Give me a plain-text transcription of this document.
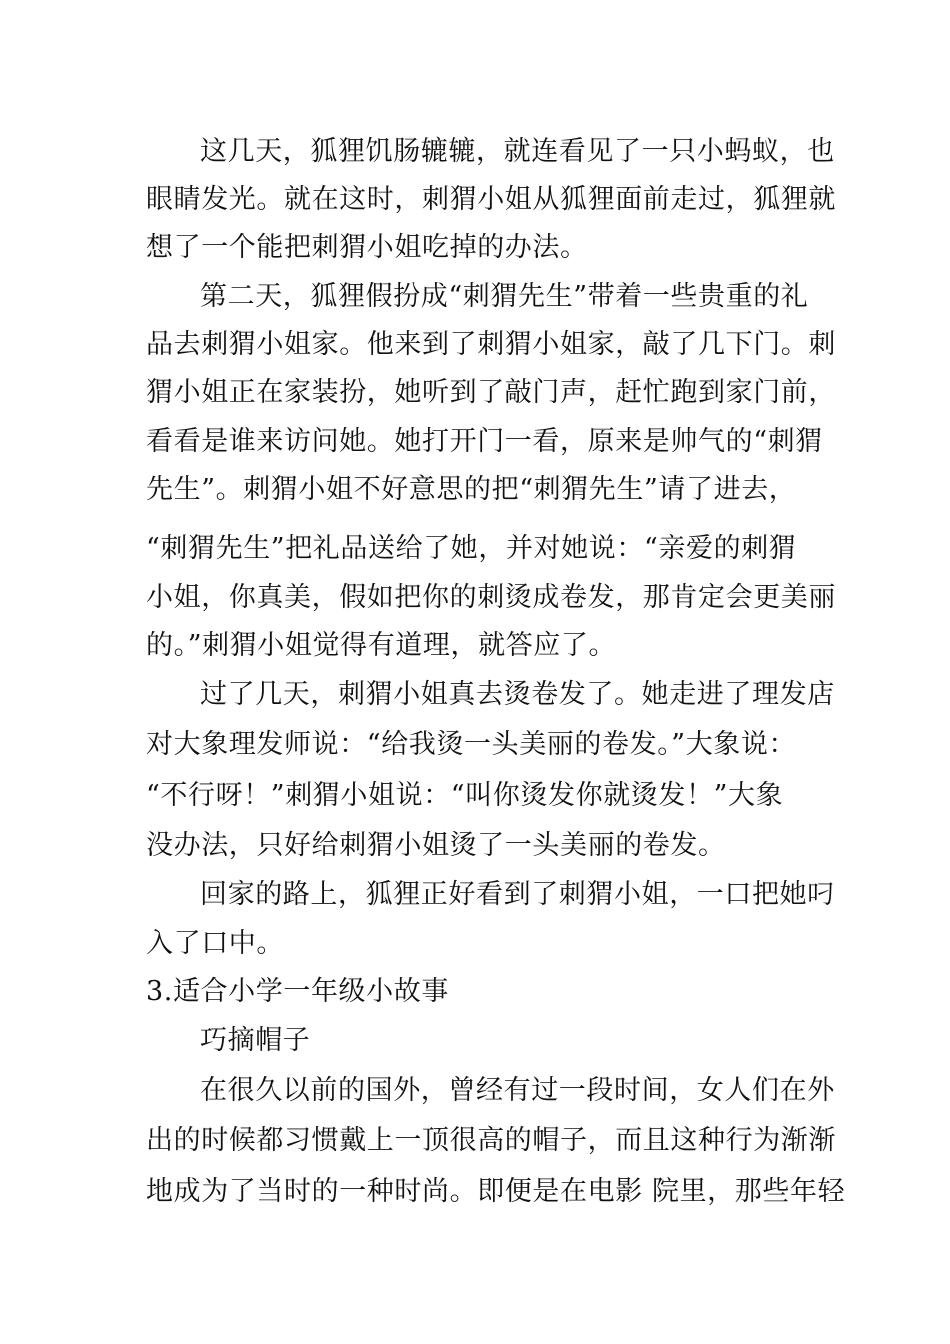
这几天，狐狸饥肠辘辘，就连看见了一只小蚂蚁，也
眼睛发光。就在这时，刺猬小姐从狐狸面前走过，狐狸就
想了一个能把刺猬小姐吃掉的办法。
第二天，狐狸假扮成“刺猬先生”带着一些贵重的礼
品去刺猬小姐家。他来到了刺猬小姐家，敲了几下门。刺
猬小姐正在家装扮，她听到了敲门声，赶忙跑到家门前，
看看是谁来访问她。她打开门一看，原来是帅气的“刺猬
先生”。刺猬小姐不好意思的把“刺猬先生”请了进去，
“刺猬先生”把礼品送给了她，并对她说：“亲爱的刺猬
小姐，你真美，假如把你的刺烫成卷发，那肯定会更美丽
的。”刺猬小姐觉得有道理，就答应了。
过了几天，刺猬小姐真去烫卷发了。她走进了理发店
对大象理发师说：“给我烫一头美丽的卷发。”大象说：
“不行呀！”刺猬小姐说：“叫你烫发你就烫发！”大象
没办法，只好给刺猬小姐烫了一头美丽的卷发。
回家的路上，狐狸正好看到了刺猬小姐，一口把她叼
入了口中。
3.适合小学一年级小故事
巧摘帽子
在很久以前的国外，曾经有过一段时间，女人们在外
出的时候都习惯戴上一顶很高的帽子，而且这种行为渐渐
地成为了当时的一种时尚。即便是在电影 院里，那些年轻
